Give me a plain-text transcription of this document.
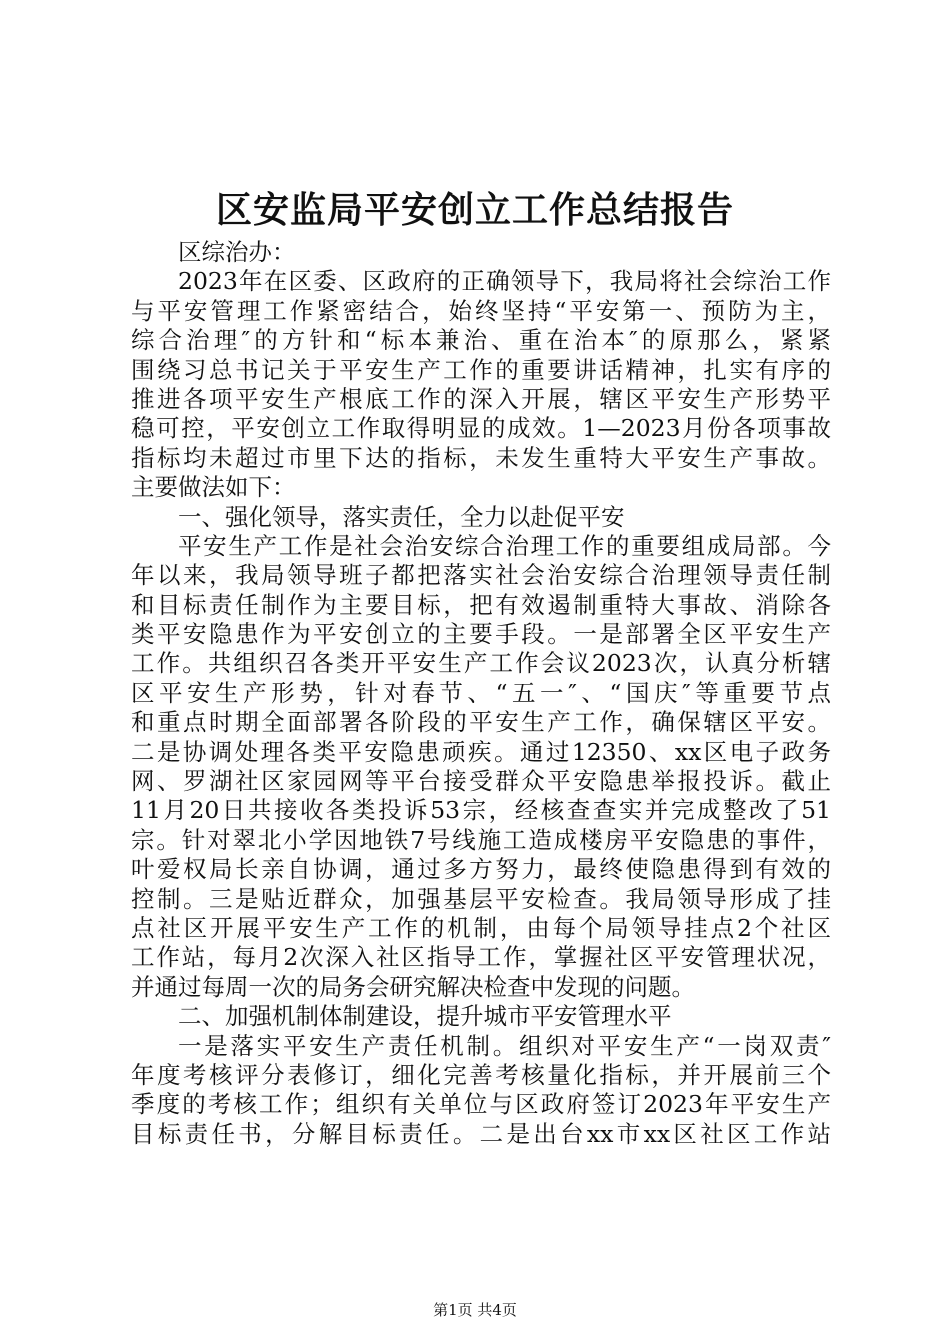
区安监局平安创立工作总结报告
区综治办：
2023年在区委、区政府的正确领导下，我局将社会综治工作
与平安管理工作紧密结合，始终坚持“平安第一、预防为主，
综合治理″的方针和“标本兼治、重在治本″的原那么，紧紧
围绕习总书记关于平安生产工作的重要讲话精神，扎实有序的
推进各项平安生产根底工作的深入开展，辖区平安生产形势平
稳可控，平安创立工作取得明显的成效。1—2023月份各项事故
指标均未超过市里下达的指标，未发生重特大平安生产事故。
主要做法如下：
一、强化领导，落实责任，全力以赴促平安
平安生产工作是社会治安综合治理工作的重要组成局部。今
年以来，我局领导班子都把落实社会治安综合治理领导责任制
和目标责任制作为主要目标，把有效遏制重特大事故、消除各
类平安隐患作为平安创立的主要手段。一是部署全区平安生产
工作。共组织召各类开平安生产工作会议2023次，认真分析辖
区平安生产形势，针对春节、“五一″、“国庆″等重要节点
和重点时期全面部署各阶段的平安生产工作，确保辖区平安。
二是协调处理各类平安隐患顽疾。通过12350、xx区电子政务
网、罗湖社区家园网等平台接受群众平安隐患举报投诉。截止
11月20日共接收各类投诉53宗，经核查查实并完成整改了51
宗。针对翠北小学因地铁7号线施工造成楼房平安隐患的事件，
叶爱权局长亲自协调，通过多方努力，最终使隐患得到有效的
控制。三是贴近群众，加强基层平安检查。我局领导形成了挂
点社区开展平安生产工作的机制，由每个局领导挂点2个社区
工作站，每月2次深入社区指导工作，掌握社区平安管理状况，
并通过每周一次的局务会研究解决检查中发现的问题。
二、加强机制体制建设，提升城市平安管理水平
一是落实平安生产责任机制。组织对平安生产“一岗双责″
年度考核评分表修订，细化完善考核量化指标，并开展前三个
季度的考核工作；组织有关单位与区政府签订2023年平安生产
目标责任书，分解目标责任。二是出台xx市xx区社区工作站
第1页 共4页
